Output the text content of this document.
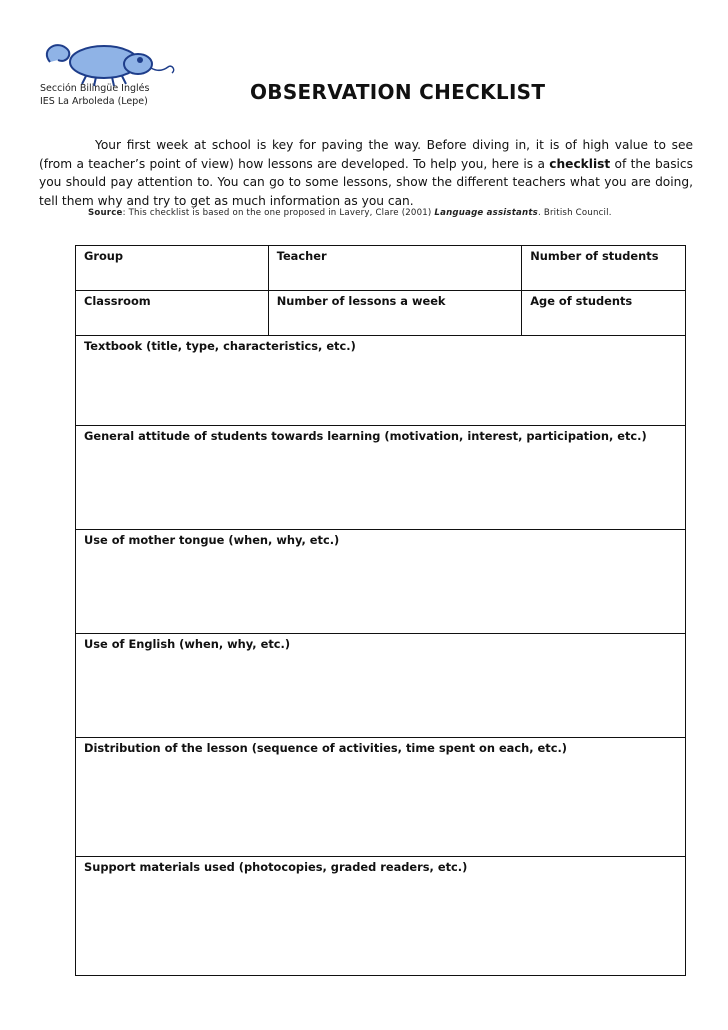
Sección Bilingüe Inglés
IES La Arboleda (Lepe)	OBSERVATION CHECKLIST
Your first week at school is key for paving the way. Before diving in, it is of high value to see (from a teacher’s point of view) how lessons are developed. To help you, here is a checklist of the basics you should pay attention to. You can go to some lessons, show the different teachers what you are doing, tell them why and try to get as much information as you can.
Source: This checklist is based on the one proposed in Lavery, Clare (2001) Language assistants. British Council.
Group	Teacher	Number of students
Classroom	Number of lessons a week	Age of students
Textbook (title, type, characteristics, etc.)		
General attitude of students towards learning (motivation, interest, participation, etc.)		
Use of mother tongue (when, why, etc.)		
Use of English (when, why, etc.)		
Distribution of the lesson (sequence of activities, time spent on each, etc.)		
Support materials used (photocopies, graded readers, etc.)		
